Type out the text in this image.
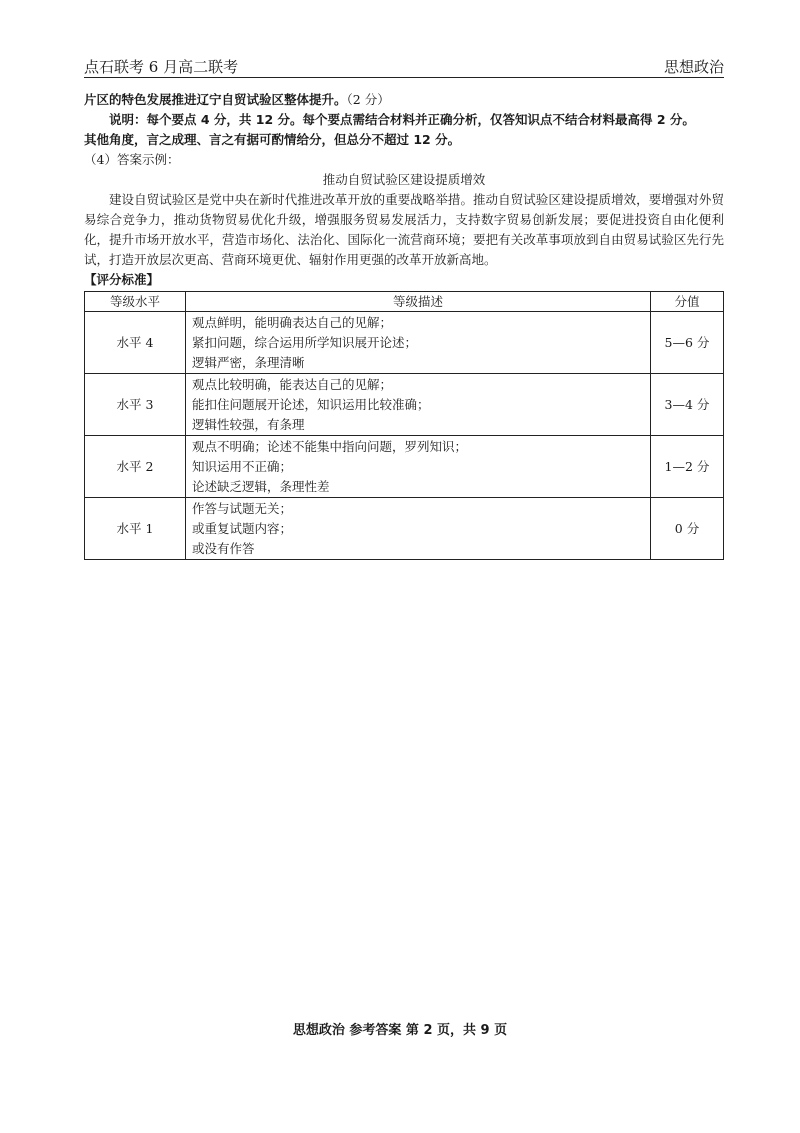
点石联考 6 月高二联考	思想政治
片区的特色发展推进辽宁自贸试验区整体提升。（2 分）
说明：每个要点 4 分，共 12 分。每个要点需结合材料并正确分析，仅答知识点不结合材料最高得 2 分。
其他角度，言之成理、言之有据可酌情给分，但总分不超过 12 分。
（4）答案示例：
推动自贸试验区建设提质增效
建设自贸试验区是党中央在新时代推进改革开放的重要战略举措。推动自贸试验区建设提质增效，要增强对外贸易综合竞争力，推动货物贸易优化升级，增强服务贸易发展活力，支持数字贸易创新发展；要促进投资自由化便利化，提升市场开放水平，营造市场化、法治化、国际化一流营商环境；要把有关改革事项放到自由贸易试验区先行先试，打造开放层次更高、营商环境更优、辐射作用更强的改革开放新高地。
【评分标准】
等级水平	等级描述	分值
水平 4	观点鲜明，能明确表达自己的见解；
紧扣问题，综合运用所学知识展开论述；
逻辑严密，条理清晰	5—6 分
水平 3	观点比较明确，能表达自己的见解；
能扣住问题展开论述，知识运用比较准确；
逻辑性较强，有条理	3—4 分
水平 2	观点不明确；论述不能集中指向问题，罗列知识；
知识运用不正确；
论述缺乏逻辑，条理性差	1—2 分
水平 1	作答与试题无关；
或重复试题内容；
或没有作答	0 分
思想政治 参考答案 第 2 页，共 9 页
